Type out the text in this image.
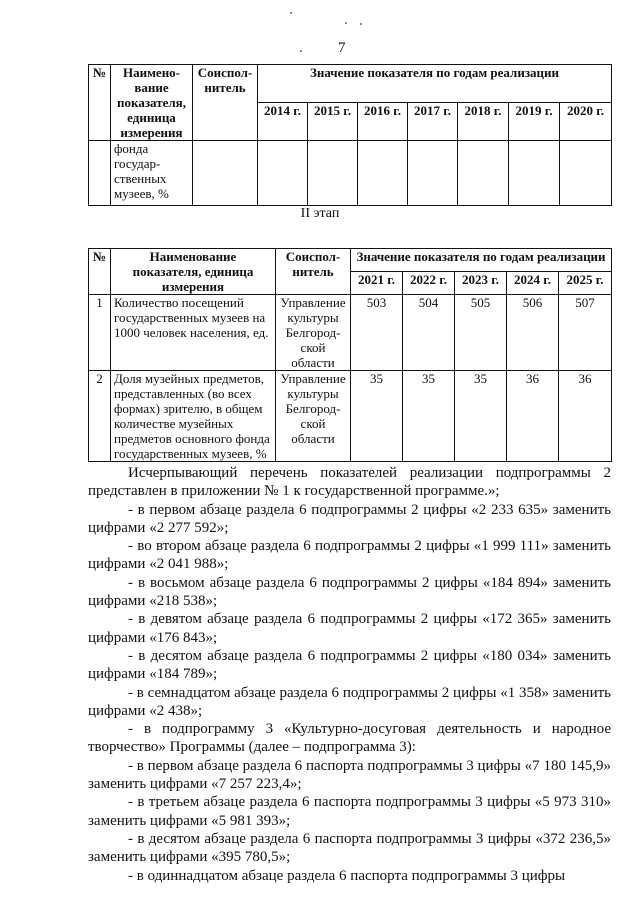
7
№	Наимено- вание показателя, единица измерения	Соиспол- нитель	Значение показателя по годам реализации						
			2014 г.	2015 г.	2016 г.	2017 г.	2018 г.	2019 г.	2020 г.
	фонда государ- ственных музеев, %								
II этап
№	Наименование показателя, единица измерения	Соиспол- нитель	Значение показателя по годам реализации				
			2021 г.	2022 г.	2023 г.	2024 г.	2025 г.
1	Количество посещений государственных музеев на 1000 человек населения, ед.	Управление культуры Белгород- ской области	503	504	505	506	507
2	Доля музейных предметов, представленных (во всех формах) зрителю, в общем количестве музейных предметов основного фонда государственных музеев, %	Управление культуры Белгород- ской области	35	35	35	36	36

Исчерпывающий перечень показателей реализации подпрограммы 2 представлен в приложении № 1 к государственной программе.»;

- в первом абзаце раздела 6 подпрограммы 2 цифры «2 233 635» заменить цифрами «2 277 592»;

- во втором абзаце раздела 6 подпрограммы 2 цифры «1 999 111» заменить цифрами «2 041 988»;

- в восьмом абзаце раздела 6 подпрограммы 2 цифры «184 894» заменить цифрами «218 538»;

- в девятом абзаце раздела 6 подпрограммы 2 цифры «172 365» заменить цифрами «176 843»;

- в десятом абзаце раздела 6 подпрограммы 2 цифры «180 034» заменить цифрами «184 789»;

- в семнадцатом абзаце раздела 6 подпрограммы 2 цифры «1 358» заменить цифрами «2 438»;

- в подпрограмму 3 «Культурно-досуговая деятельность и народное творчество» Программы (далее – подпрограмма 3):

- в первом абзаце раздела 6 паспорта подпрограммы 3 цифры «7 180 145,9» заменить цифрами «7 257 223,4»;

- в третьем абзаце раздела 6 паспорта подпрограммы 3 цифры «5 973 310» заменить цифрами «5 981 393»;

- в десятом абзаце раздела 6 паспорта подпрограммы 3 цифры «372 236,5» заменить цифрами «395 780,5»;

- в одиннадцатом абзаце раздела 6 паспорта подпрограммы 3 цифры
